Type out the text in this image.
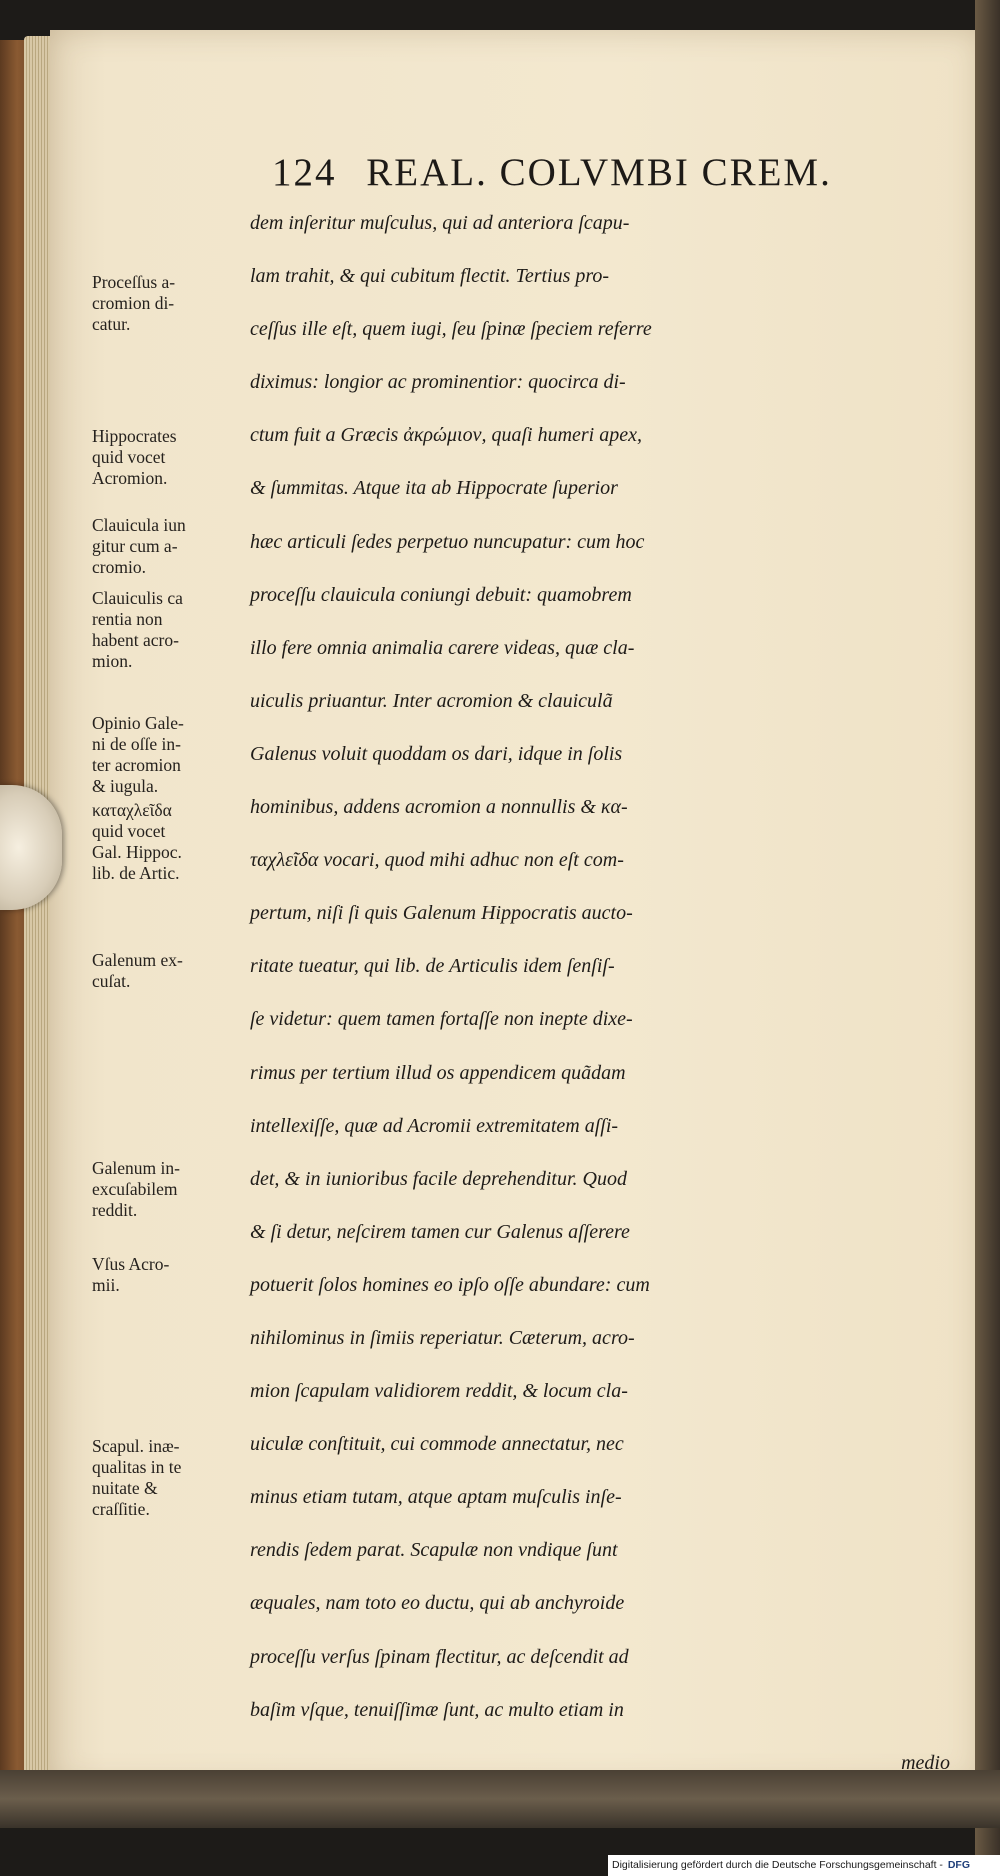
124 REAL. COLVMBI CREM.
dem inſeritur muſculus, qui ad anteriora ſcapu-
lam trahit, & qui cubitum flectit. Tertius pro-
ceſſus ille eſt, quem iugi, ſeu ſpinæ ſpeciem referre
diximus: longior ac prominentior: quocirca di-
ctum fuit a Græcis ἀκρώμιον, quaſi humeri apex,
& ſummitas. Atque ita ab Hippocrate ſuperior
hæc articuli ſedes perpetuo nuncupatur: cum hoc
proceſſu clauicula coniungi debuit: quamobrem
illo fere omnia animalia carere videas, quæ cla-
uiculis priuantur. Inter acromion & clauiculã
Galenus voluit quoddam os dari, idque in ſolis
hominibus, addens acromion a nonnullis & κα-
ταχλεῖδα vocari, quod mihi adhuc non eſt com-
pertum, niſi ſi quis Galenum Hippocratis aucto-
ritate tueatur, qui lib. de Articulis idem ſenſiſ-
ſe videtur: quem tamen fortaſſe non inepte dixe-
rimus per tertium illud os appendicem quãdam
intellexiſſe, quæ ad Acromii extremitatem aſſi-
det, & in iunioribus facile deprehenditur. Quod
& ſi detur, neſcirem tamen cur Galenus aſſerere
potuerit ſolos homines eo ipſo oſſe abundare: cum
nihilominus in ſimiis reperiatur. Cæterum, acro-
mion ſcapulam validiorem reddit, & locum cla-
uiculæ conſtituit, cui commode annectatur, nec
minus etiam tutam, atque aptam muſculis inſe-
rendis ſedem parat. Scapulæ non vndique ſunt
æquales, nam toto eo ductu, qui ab anchyroide
proceſſu verſus ſpinam flectitur, ac deſcendit ad
baſim vſque, tenuiſſimæ ſunt, ac multo etiam in
medio
Proceſſus a-
cromion di-
catur.
Hippocrates
quid vocet
Acromion.
Clauicula iun
gitur cum a-
cromio.
Clauiculis ca
rentia non
habent acro-
mion.
Opinio Gale-
ni de oſſe in-
ter acromion
& iugula.
καταχλεῖδα
quid vocet
Gal. Hippoc.
lib. de Artic.
Galenum ex-
cuſat.
Galenum in-
excuſabilem
reddit.
Vſus Acro-
mii.
Scapul. inæ-
qualitas in te
nuitate &
craſſitie.
Digitalisierung gefördert durch die Deutsche Forschungsgemeinschaft - DFG
